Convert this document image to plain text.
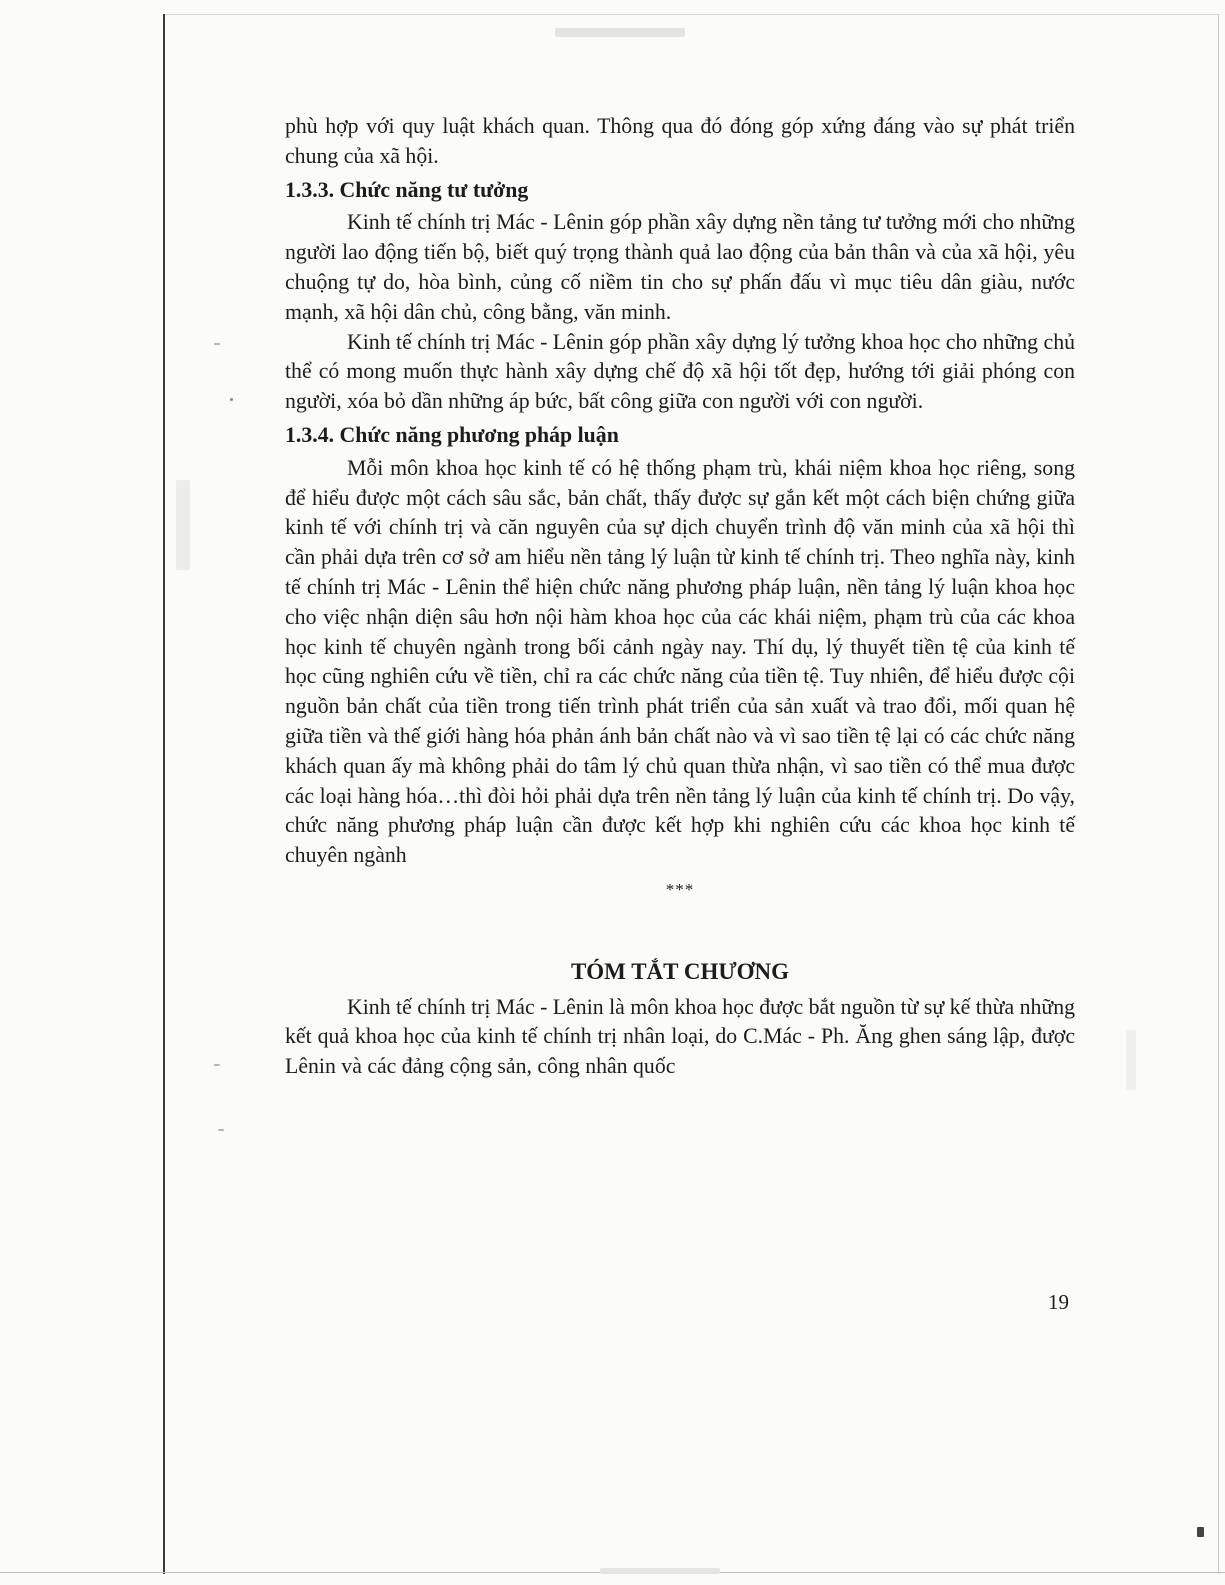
phù hợp với quy luật khách quan. Thông qua đó đóng góp xứng đáng vào sự phát triển chung của xã hội.

1.3.3. Chức năng tư tưởng

Kinh tế chính trị Mác - Lênin góp phần xây dựng nền tảng tư tưởng mới cho những người lao động tiến bộ, biết quý trọng thành quả lao động của bản thân và của xã hội, yêu chuộng tự do, hòa bình, củng cố niềm tin cho sự phấn đấu vì mục tiêu dân giàu, nước mạnh, xã hội dân chủ, công bằng, văn minh.

Kinh tế chính trị Mác - Lênin góp phần xây dựng lý tưởng khoa học cho những chủ thể có mong muốn thực hành xây dựng chế độ xã hội tốt đẹp, hướng tới giải phóng con người, xóa bỏ dần những áp bức, bất công giữa con người với con người.

1.3.4. Chức năng phương pháp luận

Mỗi môn khoa học kinh tế có hệ thống phạm trù, khái niệm khoa học riêng, song để hiểu được một cách sâu sắc, bản chất, thấy được sự gắn kết một cách biện chứng giữa kinh tế với chính trị và căn nguyên của sự dịch chuyển trình độ văn minh của xã hội thì cần phải dựa trên cơ sở am hiểu nền tảng lý luận từ kinh tế chính trị. Theo nghĩa này, kinh tế chính trị Mác - Lênin thể hiện chức năng phương pháp luận, nền tảng lý luận khoa học cho việc nhận diện sâu hơn nội hàm khoa học của các khái niệm, phạm trù của các khoa học kinh tế chuyên ngành trong bối cảnh ngày nay. Thí dụ, lý thuyết tiền tệ của kinh tế học cũng nghiên cứu về tiền, chỉ ra các chức năng của tiền tệ. Tuy nhiên, để hiểu được cội nguồn bản chất của tiền trong tiến trình phát triển của sản xuất và trao đổi, mối quan hệ giữa tiền và thế giới hàng hóa phản ánh bản chất nào và vì sao tiền tệ lại có các chức năng khách quan ấy mà không phải do tâm lý chủ quan thừa nhận, vì sao tiền có thể mua được các loại hàng hóa…thì đòi hỏi phải dựa trên nền tảng lý luận của kinh tế chính trị. Do vậy, chức năng phương pháp luận cần được kết hợp khi nghiên cứu các khoa học kinh tế chuyên ngành

***
TÓM TẮT CHƯƠNG

Kinh tế chính trị Mác - Lênin là môn khoa học được bắt nguồn từ sự kế thừa những kết quả khoa học của kinh tế chính trị nhân loại, do C.Mác - Ph. Ăng ghen sáng lập, được Lênin và các đảng cộng sản, công nhân quốc

19
